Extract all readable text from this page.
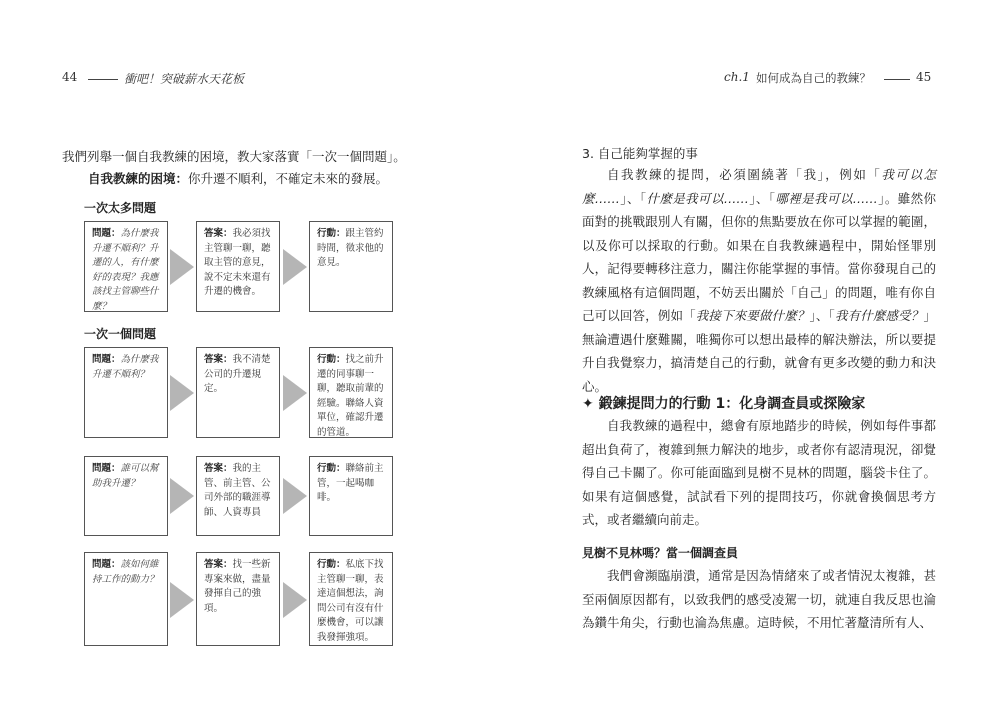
44	衝吧！突破薪水天花板
我們列舉一個自我教練的困境，教大家落實「一次一個問題」。
自我教練的困境：你升遷不順利，不確定未來的發展。
一次太多問題
問題：為什麼我升遷不順利？升遷的人，有什麼好的表現？我應該找主管聊些什麼？
答案：我必須找主管聊一聊，聽取主管的意見，說不定未來還有升遷的機會。
行動：跟主管約時間，徵求他的意見。
一次一個問題
問題：為什麼我升遷不順利？
答案：我不清楚公司的升遷規定。
行動：找之前升遷的同事聊一聊，聽取前輩的經驗。聯絡人資單位，確認升遷的管道。
問題：誰可以幫助我升遷？
答案：我的主管、前主管、公司外部的職涯導師、人資專員
行動：聯絡前主管，一起喝咖啡。
問題：該如何維持工作的動力？
答案：找一些新專案來做，盡量發揮自己的強項。
行動：私底下找主管聊一聊，表達這個想法，詢問公司有沒有什麼機會，可以讓我發揮強項。
ch.1 如何成為自己的教練？	45
3. 自己能夠掌握的事
自我教練的提問，必須圍繞著「我」，例如「我可以怎麼……」、「什麼是我可以……」、「哪裡是我可以……」。雖然你面對的挑戰跟別人有關，但你的焦點要放在你可以掌握的範圍，以及你可以採取的行動。如果在自我教練過程中，開始怪罪別人，記得要轉移注意力，關注你能掌握的事情。當你發現自己的教練風格有這個問題，不妨丟出關於「自己」的問題，唯有你自己可以回答，例如「我接下來要做什麼？」、「我有什麼感受？」無論遭遇什麼難關，唯獨你可以想出最棒的解決辦法，所以要提升自我覺察力，搞清楚自己的行動，就會有更多改變的動力和決心。
✦ 鍛鍊提問力的行動 1：化身調查員或探險家
自我教練的過程中，總會有原地踏步的時候，例如每件事都超出負荷了，複雜到無力解決的地步，或者你有認清現況，卻覺得自己卡關了。你可能面臨到見樹不見林的問題，腦袋卡住了。如果有這個感覺，試試看下列的提問技巧，你就會換個思考方式，或者繼續向前走。
見樹不見林嗎？當一個調查員
我們會瀕臨崩潰，通常是因為情緒來了或者情況太複雜，甚至兩個原因都有，以致我們的感受凌駕一切，就連自我反思也淪為鑽牛角尖，行動也淪為焦慮。這時候，不用忙著釐清所有人、
